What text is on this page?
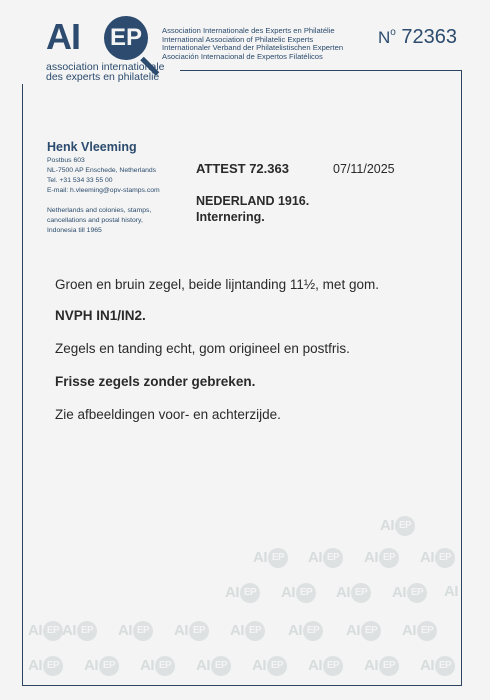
AI EP
association internationale
des experts en philatelie
Association Internationale des Experts en Philatélie
International Association of Philatelic Experts
Internationaler Verband der Philatelistischen Experten
Asociación Internacional de Expertos Filatélicos
$N^o$ 72363
Henk Vleeming
Postbus 603
NL-7500 AP Enschede, Netherlands
Tel. +31 534 33 55 00
E-mail: h.vleeming@opv-stamps.com
Netherlands and colonies, stamps,
cancellations and postal history,
Indonesia till 1965
ATTEST 72.363	07/11/2025
NEDERLAND 1916.
Internering.
Groen en bruin zegel, beide lijntanding 11½, met gom.
NVPH IN1/IN2.
Zegels en tanding echt, gom origineel en postfris.
Frisse zegels zonder gebreken.
Zie afbeeldingen voor- en achterzijde.
AI EP
AI EP AI EP AI EP AI EP
AI EP AI EP AI EP AI EP AI
AI EP AI EP AI EP AI EP AI EP AI EP AI EP AI EP
AI EP AI EP AI EP AI EP AI EP AI EP AI EP AI EP
